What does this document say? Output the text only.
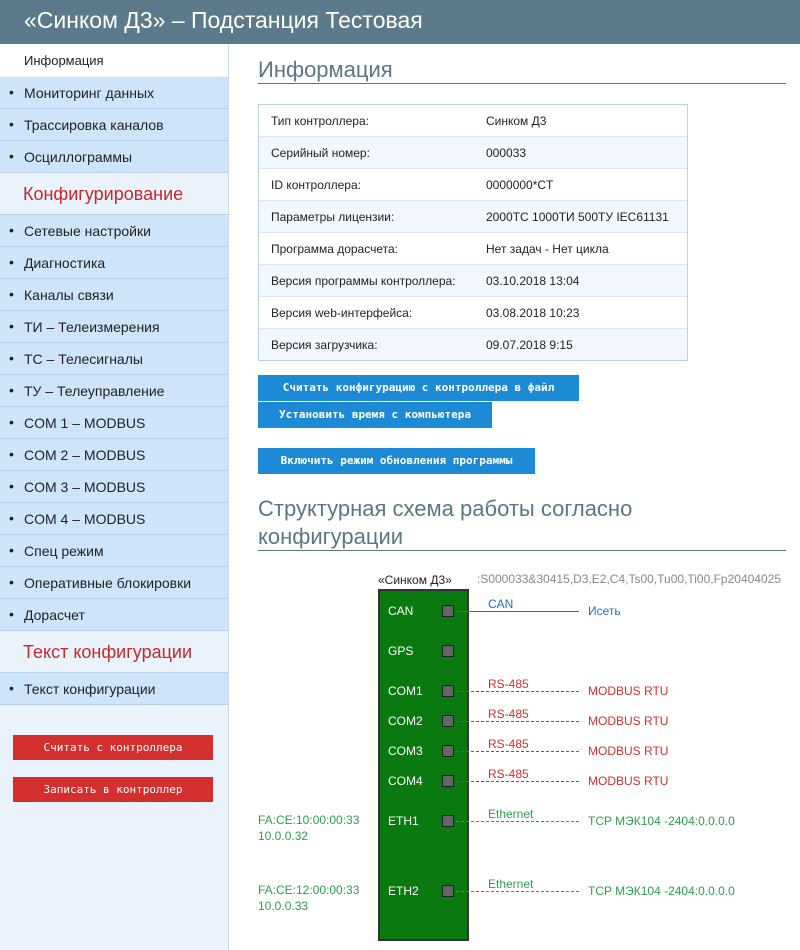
«Синком Д3» – Подстанция Тестовая
Информация
Конфигурирование
Текст конфигурации
Считать с контроллера
Записать в контроллер
• Мониторинг данных
• Трассировка каналов
• Осциллограммы
• Сетевые настройки
• Диагностика
• Каналы связи
• ТИ – Телеизмерения
• ТС – Телесигналы
• ТУ – Телеуправление
• COM 1 – MODBUS
• COM 2 – MODBUS
• COM 3 – MODBUS
• COM 4 – MODBUS
• Спец режим
• Оперативные блокировки
• Дорасчет
• Текст конфигурации
Информация
Тип контроллера:	Синком Д3
Серийный номер:	000033
ID контроллера:	0000000*CT
Параметры лицензии:	2000ТС 1000ТИ 500ТУ IEC61131
Программа дорасчета:	Нет задач - Нет цикла
Версия программы контроллера:	03.10.2018 13:04
Версия web-интерфейса:	03.08.2018 10:23
Версия загрузчика:	09.07.2018 9:15
Считать конфигурацию с контроллера в файл
Установить время с компьютера
Включить режим обновления программы
Структурная схема работы согласно
конфигурации
«Синком Д3» :S000033&30415,D3,E2,C4,Ts00,Tu00,Ti00,Fp20404025
CAN
GPS
COM1
COM2
COM3
COM4
ETH1
ETH2
CAN	Исеть
RS-485	MODBUS RTU
RS-485	MODBUS RTU
RS-485	MODBUS RTU
RS-485	MODBUS RTU
Ethernet	TCP МЭК104 -2404:0.0.0.0
FA:CE:10:00:00:33
10.0.0.32
Ethernet	TCP МЭК104 -2404:0.0.0.0
FA:CE:12:00:00:33
10.0.0.33
